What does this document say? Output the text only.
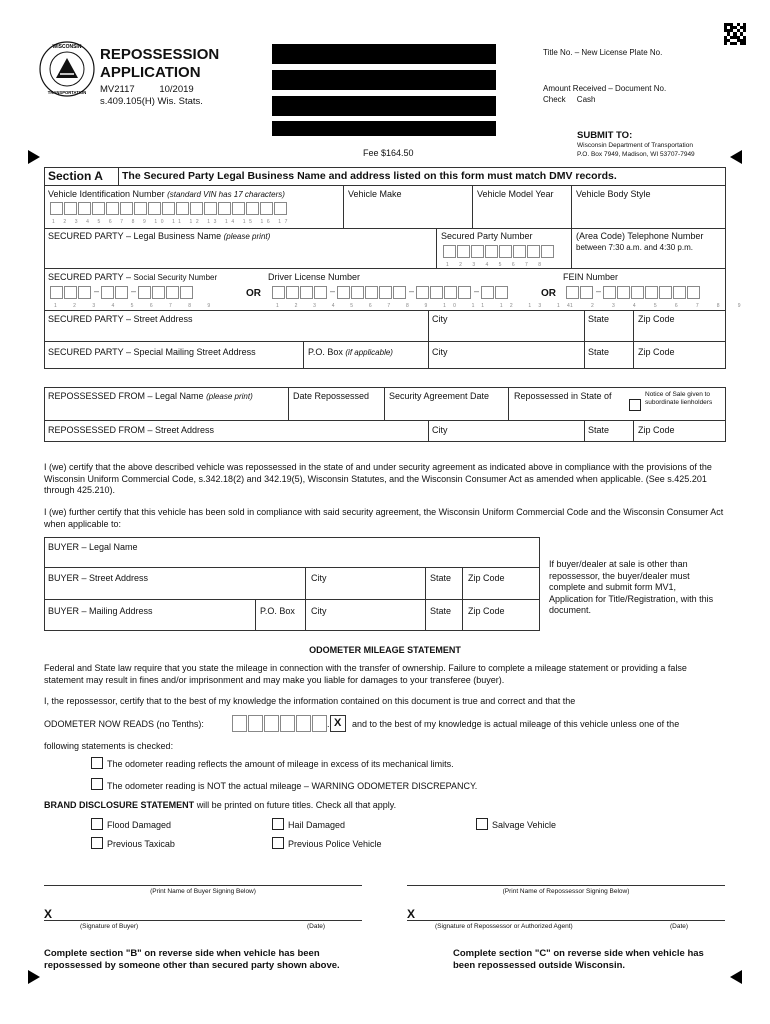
WISCONSIN
TRANSPORTATION
REPOSSESSION
APPLICATION
MV2117	10/2019
s.409.105(H) Wis. Stats.
Title No. – New License Plate No.
Amount Received – Document No.
Check     Cash
SUBMIT TO:
Wisconsin Department of Transportation
P.O. Box 7949, Madison, WI 53707-7949
Fee $164.50
Section A The Secured Party Legal Business Name and address listed on this form must match DMV records.
Vehicle Identification Number (standard VIN has 17 characters)
1 2 3 4 5 6 7 8 9 10 11 12 13 14 15 16 17
Vehicle Make	Vehicle Model Year Vehicle Body Style
SECURED PARTY – Legal Business Name (please print)	Secured Party Number
1 2 3 4 5 6 7 8
(Area Code) Telephone Number
between 7:30 a.m. and 4:30 p.m.
SECURED PARTY – Social Security Number
–	–
1 2 3 4 5 6 7 8 9
OR
Driver License Number
–	–	–
1 2 3 4 5 6 7 8 9 10 11 12 13 14
OR
FEIN Number
–
1 2 3 4 5 6 7 8 9
SECURED PARTY – Street Address	City	State	Zip Code
SECURED PARTY – Special Mailing Street Address	P.O. Box (if applicable)	City	State	Zip Code
REPOSSESSED FROM – Legal Name (please print)	Date Repossessed Security Agreement Date	Repossessed in State of	Notice of Sale given to subordinate lienholders
REPOSSESSED FROM – Street Address	City	State	Zip Code
I (we) certify that the above described vehicle was repossessed in the state of and under security agreement as indicated above in compliance with the provisions of the Wisconsin Uniform Commercial Code, s.342.18(2) and 342.19(5), Wisconsin Statutes, and the Wisconsin Consumer Act as amended when applicable. (See s.425.201 through 425.210).
I (we) further certify that this vehicle has been sold in compliance with said security agreement, the Wisconsin Uniform Commercial Code and the Wisconsin Consumer Act when applicable to:
BUYER – Legal Name
BUYER – Street Address	City	State Zip Code
BUYER – Mailing Address	P.O. Box City	State Zip Code
If buyer/dealer at sale is other than repossessor, the buyer/dealer must complete and submit form MV1, Application for Title/Registration, with this document.
ODOMETER MILEAGE STATEMENT
Federal and State law require that you state the mileage in connection with the transfer of ownership. Failure to complete a mileage statement or providing a false statement may result in fines and/or imprisonment and may make you liable for damages to your transferee (buyer).
I, the repossessor, certify that to the best of my knowledge the information contained on this document is true and correct and that the
ODOMETER NOW READS (no Tenths):	. X and to the best of my knowledge is actual mileage of this vehicle unless one of the
following statements is checked:
The odometer reading reflects the amount of mileage in excess of its mechanical limits.
The odometer reading is NOT the actual mileage – WARNING ODOMETER DISCREPANCY.
BRAND DISCLOSURE STATEMENT will be printed on future titles. Check all that apply.
Flood Damaged	Hail Damaged	Salvage Vehicle
Previous Taxicab	Previous Police Vehicle
(Print Name of Buyer Signing Below)
X
(Signature of Buyer)	(Date)
(Print Name of Repossessor Signing Below)
X
(Signature of Repossessor or Authorized Agent)	(Date)
Complete section "B" on reverse side when vehicle has been repossessed by someone other than secured party shown above.
Complete section "C" on reverse side when vehicle has been repossessed outside Wisconsin.
